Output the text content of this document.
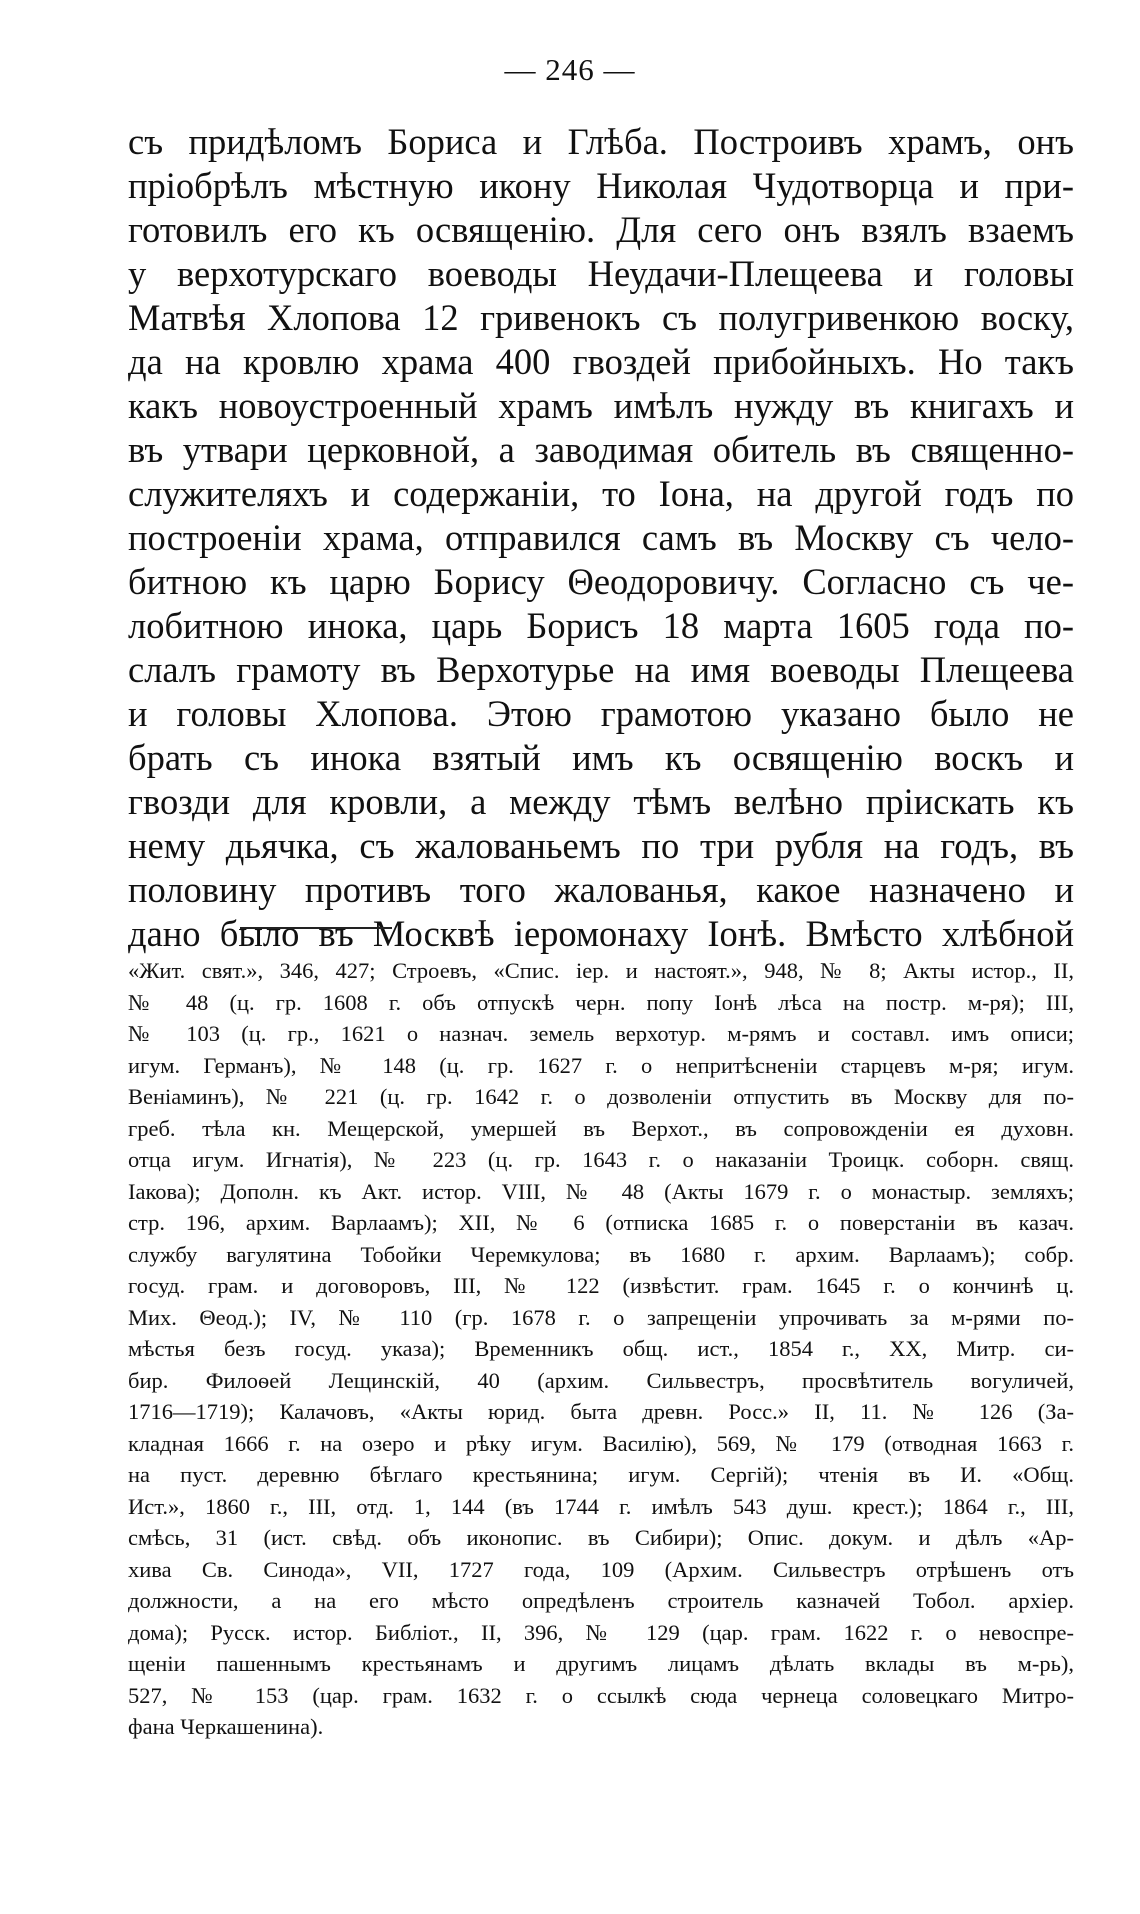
— 246 —
съ придѣломъ Бориса и Глѣба. Построивъ храмъ, онъ
пріобрѣлъ мѣстную икону Николая Чудотворца и при-
готовилъ его къ освященію. Для сего онъ взялъ взаемъ
у верхотурскаго воеводы Неудачи-Плещеева и головы
Матвѣя Хлопова 12 гривенокъ съ полугривенкою воску,
да на кровлю храма 400 гвоздей прибойныхъ. Но такъ
какъ новоустроенный храмъ имѣлъ нужду въ книгахъ и
въ утвари церковной, а заводимая обитель въ священно-
служителяхъ и содержаніи, то Іона, на другой годъ по
построеніи храма, отправился самъ въ Москву съ чело-
битною къ царю Борису Θеодоровичу. Согласно съ че-
лобитною инока, царь Борисъ 18 марта 1605 года по-
слалъ грамоту въ Верхотурье на имя воеводы Плещеева
и головы Хлопова. Этою грамотою указано было не
брать съ инока взятый имъ къ освященію воскъ и
гвозди для кровли, а между тѣмъ велѣно пріискать къ
нему дьячка, съ жалованьемъ по три рубля на годъ, въ
половину противъ того жалованья, какое назначено и
дано было въ Москвѣ іеромонаху Іонѣ. Вмѣсто хлѣбной
«Жит. свят.», 346, 427; Строевъ, «Спис. іер. и настоят.», 948, № 8; Акты истор., II,
№ 48 (ц. гр. 1608 г. объ отпускѣ черн. попу Іонѣ лѣса на постр. м-ря); III,
№ 103 (ц. гр., 1621 о назнач. земель верхотур. м-рямъ и составл. имъ описи;
игум. Германъ), № 148 (ц. гр. 1627 г. о непритѣсненіи старцевъ м-ря; игум.
Веніаминъ), № 221 (ц. гр. 1642 г. о дозволеніи отпустить въ Москву для по-
греб. тѣла кн. Мещерской, умершей въ Верхот., въ сопровожденіи ея духовн.
отца игум. Игнатія), № 223 (ц. гр. 1643 г. о наказаніи Троицк. соборн. свящ.
Іакова); Дополн. къ Акт. истор. VIII, № 48 (Акты 1679 г. о монастыр. земляхъ;
стр. 196, архим. Варлаамъ); XII, № 6 (отписка 1685 г. о поверстаніи въ казач.
службу вагулятина Тобойки Черемкулова; въ 1680 г. архим. Варлаамъ); собр.
госуд. грам. и договоровъ, III, № 122 (извѣстит. грам. 1645 г. о кончинѣ ц.
Мих. Θеод.); IV, № 110 (гр. 1678 г. о запрещеніи упрочивать за м-рями по-
мѣстья безъ госуд. указа); Временникъ общ. ист., 1854 г., XX, Митр. си-
бир. Филоѳей Лещинскій, 40 (архим. Сильвестръ, просвѣтитель вогуличей,
1716—1719); Калачовъ, «Акты юрид. быта древн. Росс.» II, 11. № 126 (За-
кладная 1666 г. на озеро и рѣку игум. Василію), 569, № 179 (отводная 1663 г.
на пуст. деревню бѣглаго крестьянина; игум. Сергій); чтенія въ И. «Общ.
Ист.», 1860 г., III, отд. 1, 144 (въ 1744 г. имѣлъ 543 душ. крест.); 1864 г., III,
смѣсь, 31 (ист. свѣд. объ иконопис. въ Сибири); Опис. докум. и дѣлъ «Ар-
хива Св. Синода», VII, 1727 года, 109 (Архим. Сильвестръ отрѣшенъ отъ
должности, а на его мѣсто опредѣленъ строитель казначей Тобол. архіер.
дома); Русск. истор. Библіот., II, 396, № 129 (цар. грам. 1622 г. о невоспре-
щеніи пашеннымъ крестьянамъ и другимъ лицамъ дѣлать вклады въ м-рь),
527, № 153 (цар. грам. 1632 г. о ссылкѣ сюда чернеца соловецкаго Митро-
фана Черкашенина).
